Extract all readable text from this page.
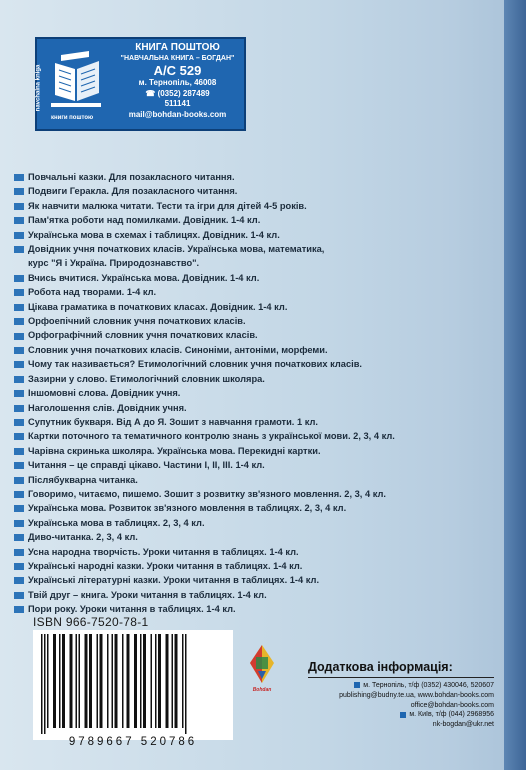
navchalna kniga
книги поштою
КНИГА ПОШТОЮ
"НАВЧАЛЬНА КНИГА – БОГДАН"
А/С 529
м. Тернопіль, 46008
☎ (0352) 287489
511141
mail@bohdan-books.com
Повчальні казки. Для позакласного читання.
Подвиги Геракла. Для позакласного читання.
Як навчити малюка читати. Тести та ігри для дітей 4-5 років.
Пам'ятка роботи над помилками. Довідник. 1-4 кл.
Українська мова в схемах і таблицях. Довідник. 1-4 кл.
Довідник учня початкових класів. Українська мова, математика,
курс "Я і Україна. Природознавство".
Вчись вчитися. Українська мова. Довідник. 1-4 кл.
Робота над творами. 1-4 кл.
Цікава граматика в початкових класах. Довідник. 1-4 кл.
Орфоепічний словник учня початкових класів.
Орфографічний словник учня початкових класів.
Словник учня початкових класів. Синоніми, антоніми, морфеми.
Чому так називається? Етимологічний словник учня початкових класів.
Зазирни у слово. Етимологічний словник школяра.
Іншомовні слова. Довідник учня.
Наголошення слів. Довідник учня.
Супутник букваря. Від А до Я. Зошит з навчання грамоти. 1 кл.
Картки поточного та тематичного контролю знань з української мови. 2, 3, 4 кл.
Чарівна скринька школяра. Українська мова. Перекидні картки.
Читання – це справді цікаво. Частини І, ІІ, ІІІ. 1-4 кл.
Післябукварна читанка.
Говоримо, читаємо, пишемо. Зошит з розвитку зв'язного мовлення. 2, 3, 4 кл.
Українська мова. Розвиток зв'язного мовлення в таблицях. 2, 3, 4 кл.
Українська мова в таблицях. 2, 3, 4 кл.
Диво-читанка. 2, 3, 4 кл.
Усна народна творчість. Уроки читання в таблицях. 1-4 кл.
Українські народні казки. Уроки читання в таблицях. 1-4 кл.
Українські літературні казки. Уроки читання в таблицях. 1-4 кл.
Твій друг – книга. Уроки читання в таблицях. 1-4 кл.
Пори року. Уроки читання в таблицях. 1-4 кл.
ISBN 966-7520-78-1
9789667 520786
Bohdan
Додаткова інформація:
м. Тернопіль, т/ф (0352) 430046, 520607
publishing@budny.te.ua, www.bohdan-books.com
office@bohdan-books.com
м. Київ, т/ф (044) 2968956
nk-bogdan@ukr.net
